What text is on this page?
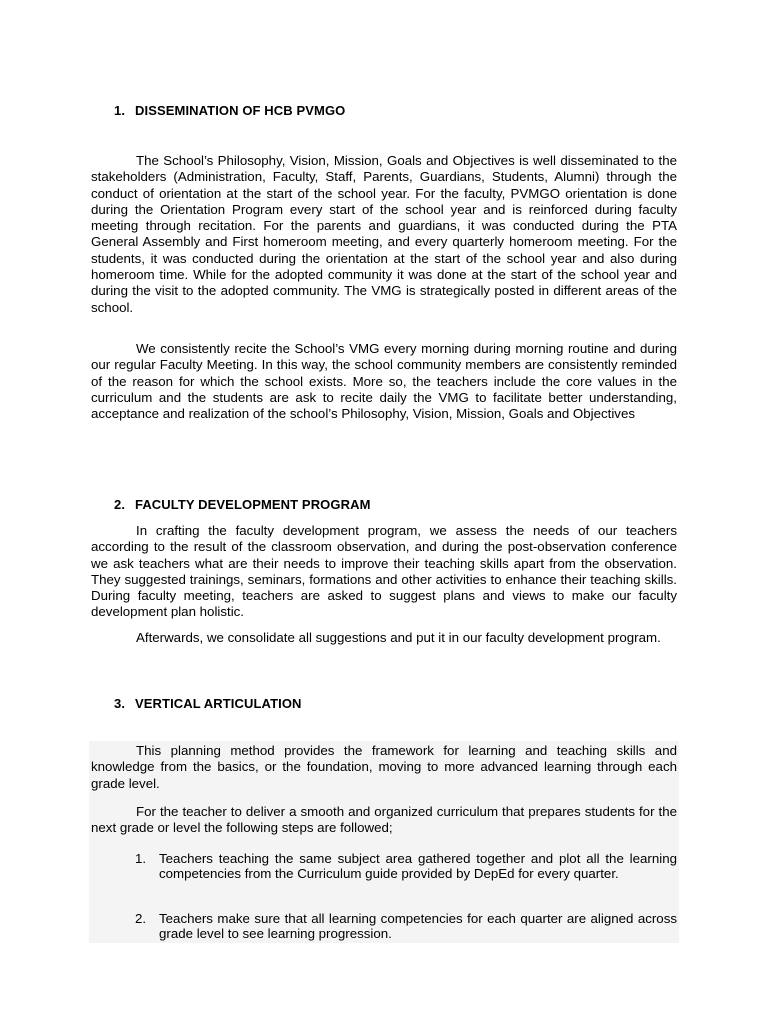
1. DISSEMINATION OF HCB PVMGO

The School’s Philosophy, Vision, Mission, Goals and Objectives is well disseminated to the stakeholders (Administration, Faculty, Staff, Parents, Guardians, Students, Alumni) through the conduct of orientation at the start of the school year. For the faculty, PVMGO orientation is done during the Orientation Program every start of the school year and is reinforced during faculty meeting through recitation. For the parents and guardians, it was conducted during the PTA General Assembly and First homeroom meeting, and every quarterly homeroom meeting. For the students, it was conducted during the orientation at the start of the school year and also during homeroom time. While for the adopted community it was done at the start of the school year and during the visit to the adopted community. The VMG is strategically posted in different areas of the school.

We consistently recite the School’s VMG every morning during morning routine and during our regular Faculty Meeting. In this way, the school community members are consistently reminded of the reason for which the school exists. More so, the teachers include the core values in the curriculum and the students are ask to recite daily the VMG to facilitate better understanding, acceptance and realization of the school’s Philosophy, Vision, Mission, Goals and Objectives

2. FACULTY DEVELOPMENT PROGRAM

In crafting the faculty development program, we assess the needs of our teachers according to the result of the classroom observation, and during the post-observation conference we ask teachers what are their needs to improve their teaching skills apart from the observation. They suggested trainings, seminars, formations and other activities to enhance their teaching skills. During faculty meeting, teachers are asked to suggest plans and views to make our faculty development plan holistic.

Afterwards, we consolidate all suggestions and put it in our faculty development program.

3. VERTICAL ARTICULATION

This planning method provides the framework for learning and teaching skills and knowledge from the basics, or the foundation, moving to more advanced learning through each grade level.

For the teacher to deliver a smooth and organized curriculum that prepares students for the next grade or level the following steps are followed;

1. Teachers teaching the same subject area gathered together and plot all the learning competencies from the Curriculum guide provided by DepEd for every quarter.
2. Teachers make sure that all learning competencies for each quarter are aligned across grade level to see learning progression.
